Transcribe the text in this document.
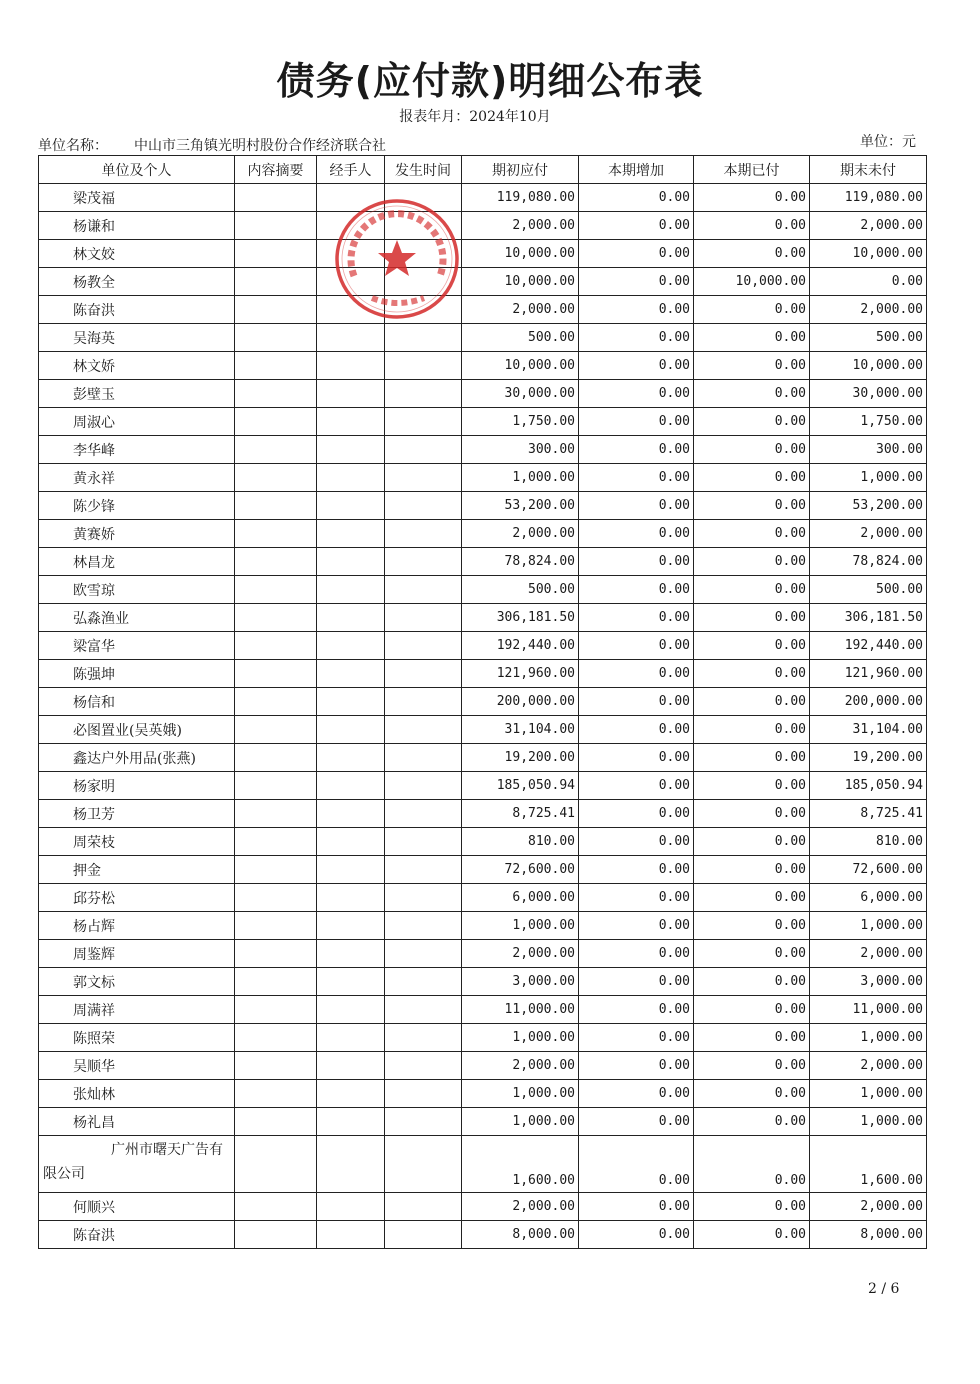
债务(应付款)明细公布表
报表年月：2024年10月
单位名称： 中山市三角镇光明村股份合作经济联合社	单位：元
单位及个人	内容摘要	经手人	发生时间	期初应付	本期增加	本期已付	期末未付
梁茂福				119,080.00	0.00	0.00	119,080.00
杨谦和				2,000.00	0.00	0.00	2,000.00
林文姣				10,000.00	0.00	0.00	10,000.00
杨教全				10,000.00	0.00	10,000.00	0.00
陈奋洪				2,000.00	0.00	0.00	2,000.00
吴海英				500.00	0.00	0.00	500.00
林文娇				10,000.00	0.00	0.00	10,000.00
彭壁玉				30,000.00	0.00	0.00	30,000.00
周淑心				1,750.00	0.00	0.00	1,750.00
李华峰				300.00	0.00	0.00	300.00
黄永祥				1,000.00	0.00	0.00	1,000.00
陈少锋				53,200.00	0.00	0.00	53,200.00
黄赛娇				2,000.00	0.00	0.00	2,000.00
林昌龙				78,824.00	0.00	0.00	78,824.00
欧雪琼				500.00	0.00	0.00	500.00
弘淼渔业				306,181.50	0.00	0.00	306,181.50
梁富华				192,440.00	0.00	0.00	192,440.00
陈强坤				121,960.00	0.00	0.00	121,960.00
杨信和				200,000.00	0.00	0.00	200,000.00
必图置业(吴英娥)				31,104.00	0.00	0.00	31,104.00
鑫达户外用品(张燕)				19,200.00	0.00	0.00	19,200.00
杨家明				185,050.94	0.00	0.00	185,050.94
杨卫芳				8,725.41	0.00	0.00	8,725.41
周荣枝				810.00	0.00	0.00	810.00
押金				72,600.00	0.00	0.00	72,600.00
邱芬松				6,000.00	0.00	0.00	6,000.00
杨占辉				1,000.00	0.00	0.00	1,000.00
周鉴辉				2,000.00	0.00	0.00	2,000.00
郭文标				3,000.00	0.00	0.00	3,000.00
周满祥				11,000.00	0.00	0.00	11,000.00
陈照荣				1,000.00	0.00	0.00	1,000.00
吴顺华				2,000.00	0.00	0.00	2,000.00
张灿林				1,000.00	0.00	0.00	1,000.00
杨礼昌				1,000.00	0.00	0.00	1,000.00
广州市曙天广告有限公司				1,600.00	0.00	0.00	1,600.00
何顺兴				2,000.00	0.00	0.00	2,000.00
陈奋洪				8,000.00	0.00	0.00	8,000.00
2 / 6
